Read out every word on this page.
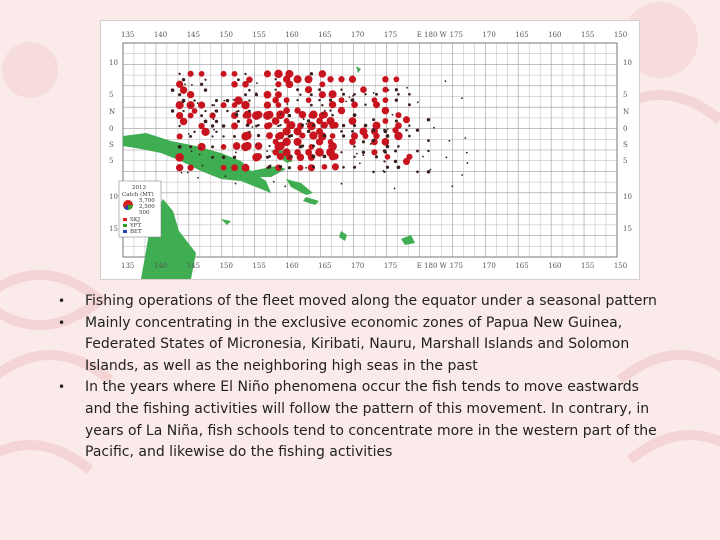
135	140	145	150	155	160	165	170	175	E 180 W 175	170	165	160	155	150
135	140	145	150	155	160	165	170	175	E 180 W 175	170	165	160	155	150
10
5
N
0
S
5
10
15
10
5
N
0
S
5
10
15
2013
Catch (MT)
5,700
2,500
500
SKJ
YFT
BET
• Fishing operations of the fleet moved along the equator under a seasonal pattern
• Mainly concentrating in the exclusive economic zones of Papua New Guinea, Federated States of Micronesia, Kiribati, Nauru, Marshall Islands and Solomon Islands, as well as the neighboring high seas in the past
• In the years where El Niño phenomena occur the fish tends to move eastwards and the fishing activities will follow the pattern of this movement. In contrary, in years of La Niña, fish schools tend to concentrate more in the western part of the Pacific, and likewise do the fishing activities
